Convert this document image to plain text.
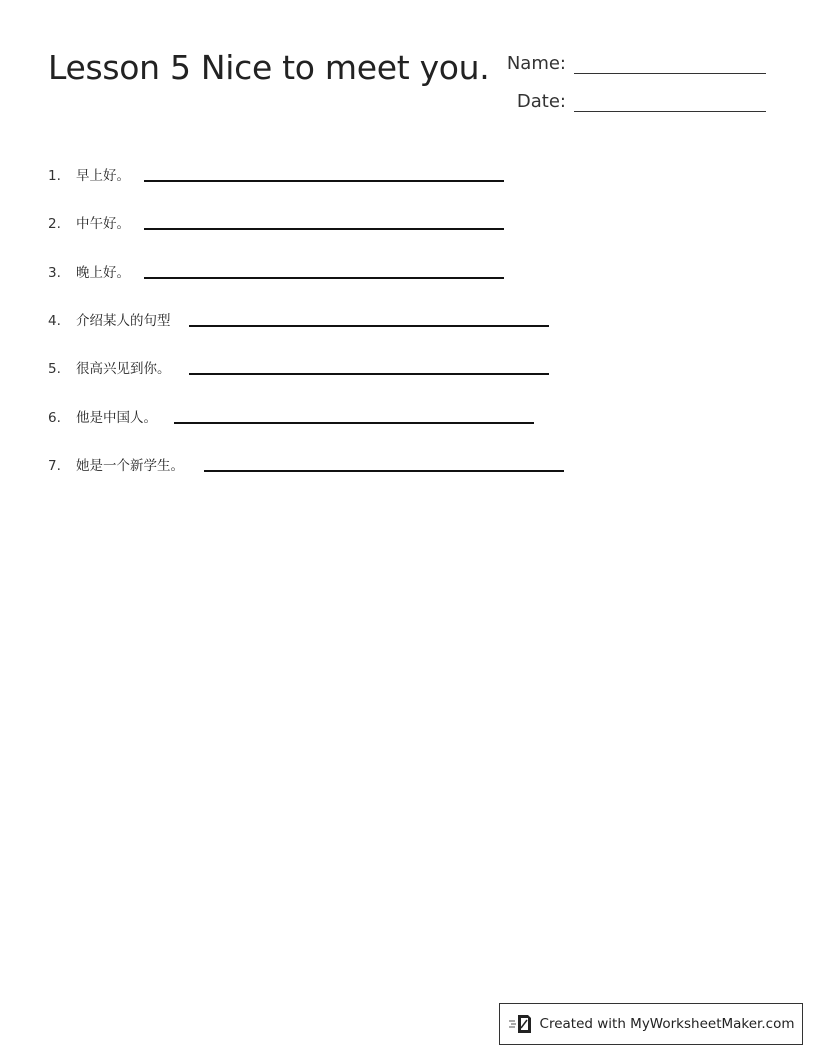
Lesson 5 Nice to meet you. Name:
Date:
1.	早上好。
2.	中午好。
3.	晚上好。
4.	介绍某人的句型
5.	很高兴见到你。
6.	他是中国人。
7.	她是一个新学生。
Created with MyWorksheetMaker.com
